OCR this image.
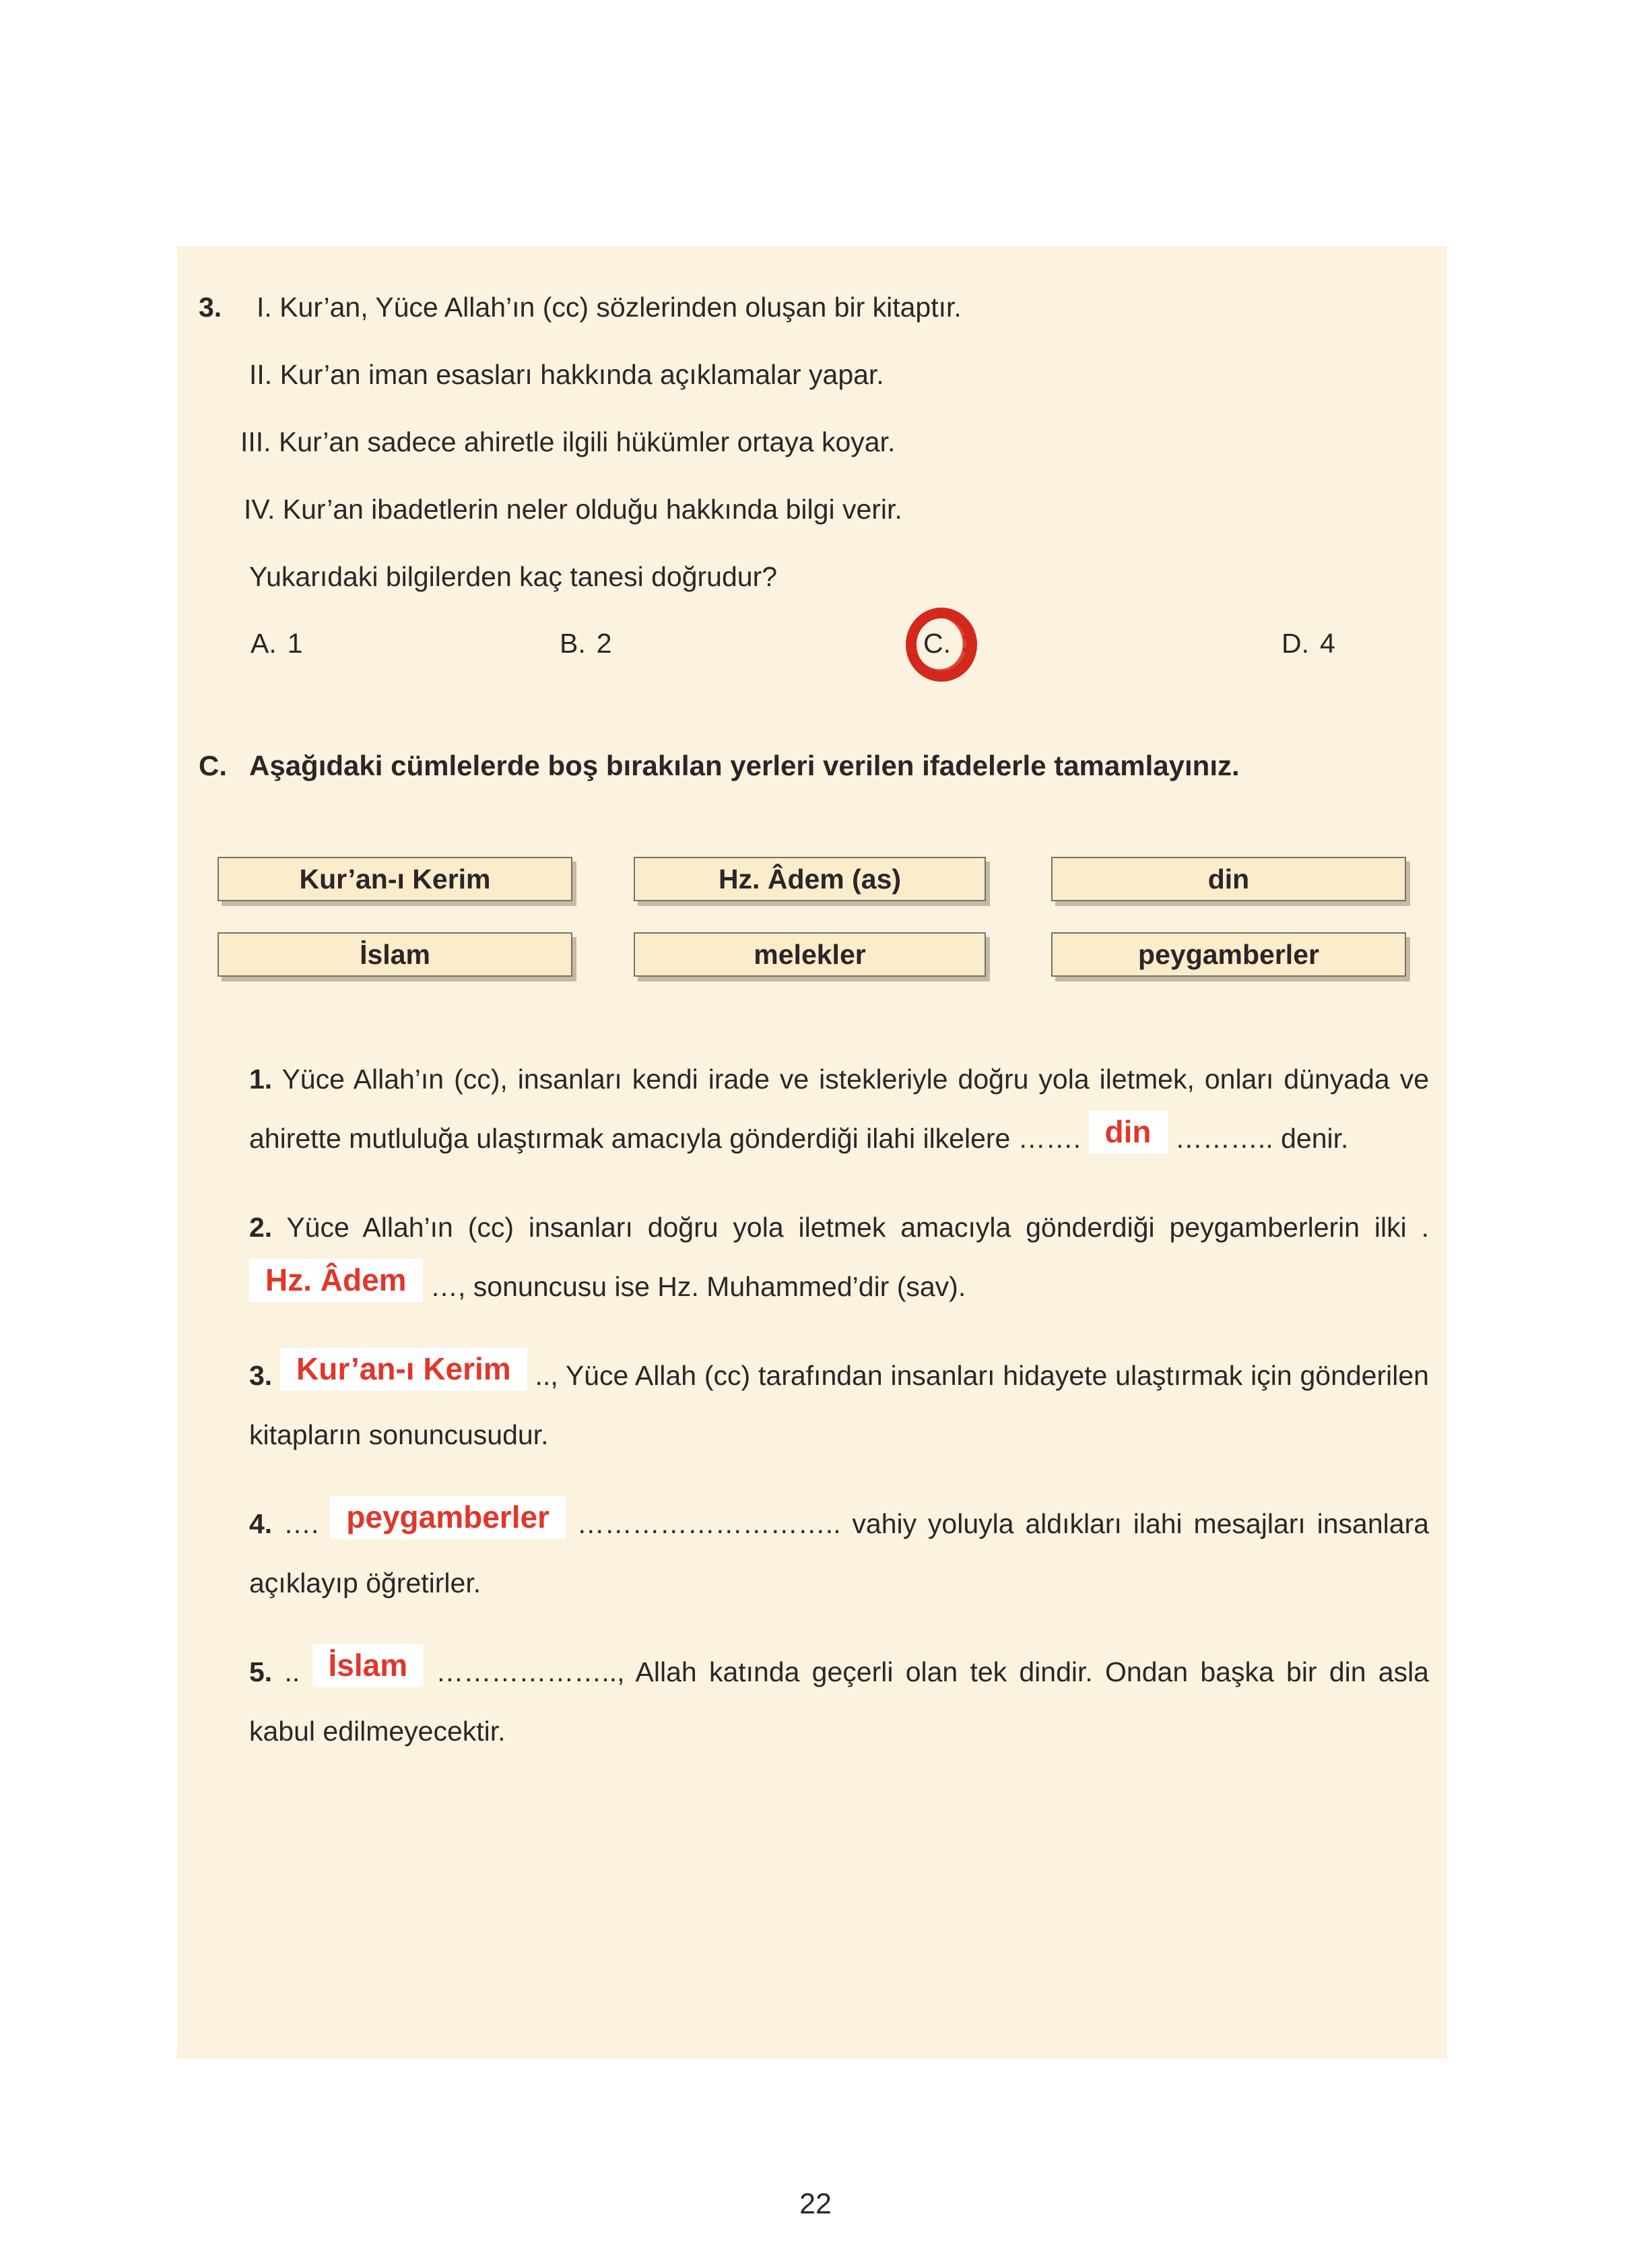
3. I. Kur’an, Yüce Allah’ın (cc) sözlerinden oluşan bir kitaptır.
II. Kur’an iman esasları hakkında açıklamalar yapar.
III. Kur’an sadece ahiretle ilgili hükümler ortaya koyar.
IV. Kur’an ibadetlerin neler olduğu hakkında bilgi verir.
Yukarıdaki bilgilerden kaç tanesi doğrudur?
A. 1	B. 2	C. 3	D. 4
C. Aşağıdaki cümlelerde boş bırakılan yerleri verilen ifadelerle tamamlayınız.
Kur’an-ı Kerim	Hz. Âdem (as)	din
İslam	melekler	peygamberler

1. Yüce Allah’ın (cc), insanları kendi irade ve istekleriyle doğru yola iletmek, onları dünyada ve ahirette mutluluğa ulaştırmak amacıyla gönderdiği ilahi ilkelere ……. din ……….. denir.

2. Yüce Allah’ın (cc) insanları doğru yola iletmek amacıyla gönderdiği peygamberlerin ilki . Hz. Âdem …, sonuncusu ise Hz. Muhammed’dir (sav).

3. Kur’an-ı Kerim .., Yüce Allah (cc) tarafından insanları hidayete ulaştırmak için gönderilen kitapların sonuncusudur.

4. …. peygamberler ……………………….. vahiy yoluyla aldıkları ilahi mesajları insanlara açıklayıp öğretirler.

5. .. İslam ……………….., Allah katında geçerli olan tek dindir. Ondan başka bir din asla kabul edilmeyecektir.

22
